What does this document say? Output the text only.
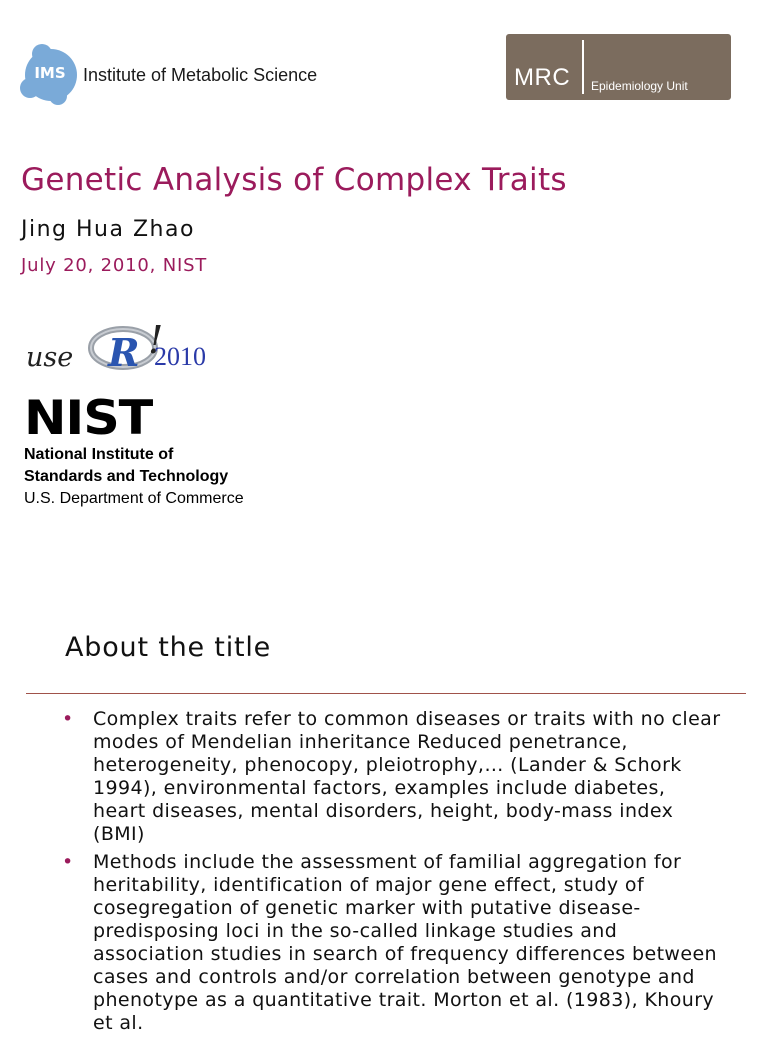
IMS Institute of Metabolic Science	MRC Epidemiology Unit
Genetic Analysis of Complex Traits
Jing Hua Zhao
July 20, 2010, NIST
use R !
2010
NIST
National Institute of
Standards and Technology
U.S. Department of Commerce
About the title
• Complex traits refer to common diseases or traits with no clear modes of Mendelian inheritance Reduced penetrance, heterogeneity, phenocopy, pleiotrophy,… (Lander & Schork 1994), environmental factors, examples include diabetes, heart diseases, mental disorders, height, body-mass index (BMI)
• Methods include the assessment of familial aggregation for heritability, identification of major gene effect, study of cosegregation of genetic marker with putative disease-predisposing loci in the so-called linkage studies and association studies in search of frequency differences between cases and controls and/or correlation between genotype and phenotype as a quantitative trait. Morton et al. (1983), Khoury et al.
